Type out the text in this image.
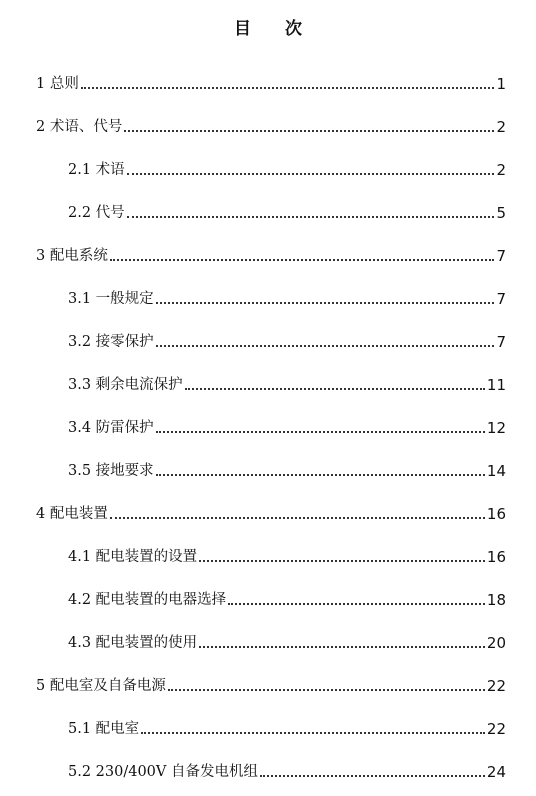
目 次
1 总则	1
2 术语、代号	2
2.1 术语	2
2.2 代号	5
3 配电系统	7
3.1 一般规定	7
3.2 接零保护	7
3.3 剩余电流保护	11
3.4 防雷保护	12
3.5 接地要求	14
4 配电装置	16
4.1 配电装置的设置	16
4.2 配电装置的电器选择	18
4.3 配电装置的使用	20
5 配电室及自备电源	22
5.1 配电室	22
5.2 230/400V 自备发电机组	24
